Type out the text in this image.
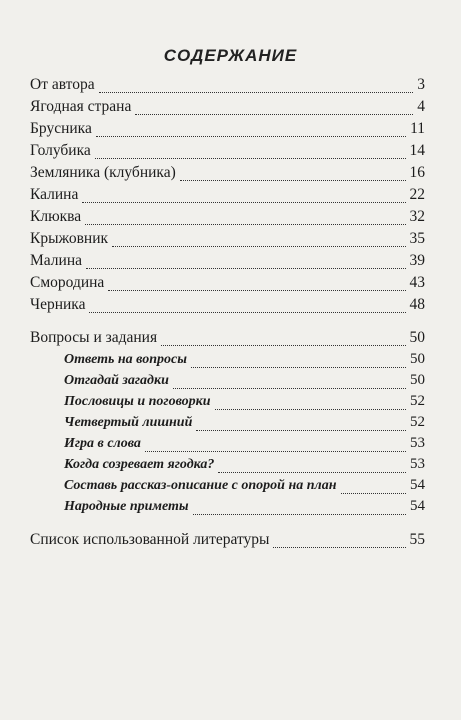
СОДЕРЖАНИЕ
От автора	3
Ягодная страна	4
Брусника	11
Голубика	14
Земляника (клубника)	16
Калина	22
Клюква	32
Крыжовник	35
Малина	39
Смородина	43
Черника	48
Вопросы и задания	50
Ответь на вопросы	50
Отгадай загадки	50
Пословицы и поговорки	52
Четвертый лишний	52
Игра в слова	53
Когда созревает ягодка?	53
Составь рассказ-описание с опорой на план	54
Народные приметы	54
Список использованной литературы	55
